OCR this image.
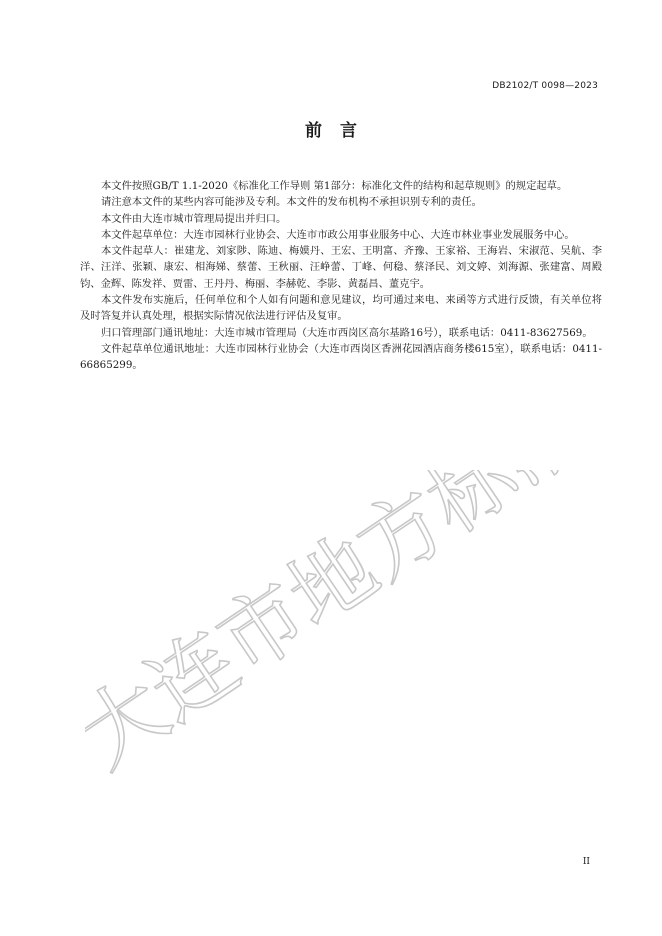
DB2102/T 0098—2023
前言

本文件按照GB/T 1.1-2020《标准化工作导则 第1部分：标准化文件的结构和起草规则》的规定起草。

请注意本文件的某些内容可能涉及专利。本文件的发布机构不承担识别专利的责任。

本文件由大连市城市管理局提出并归口。

本文件起草单位：大连市园林行业协会、大连市市政公用事业服务中心、大连市林业事业发展服务中心。

本文件起草人：崔建龙、刘家陟、陈迪、梅嫫丹、王宏、王明富、齐豫、王家裕、王海岩、宋淑范、吴航、李洋、汪洋、张颖、康宏、相海娣、蔡蕾、王秋丽、汪峥蕾、丁峰、何稳、蔡泽民、刘文婷、刘海源、张建富、周殿钧、金辉、陈发祥、贾雷、王丹丹、梅丽、李赫乾、李影、黄磊昌、董克宇。

本文件发布实施后，任何单位和个人如有问题和意见建议，均可通过来电、来函等方式进行反馈，有关单位将及时答复并认真处理，根据实际情况依法进行评估及复审。

归口管理部门通讯地址：大连市城市管理局（大连市西岗区高尔基路16号），联系电话：0411-83627569。

文件起草单位通讯地址：大连市园林行业协会（大连市西岗区香洲花园酒店商务楼615室），联系电话：0411- 66865299。

大连市地方标准
II
